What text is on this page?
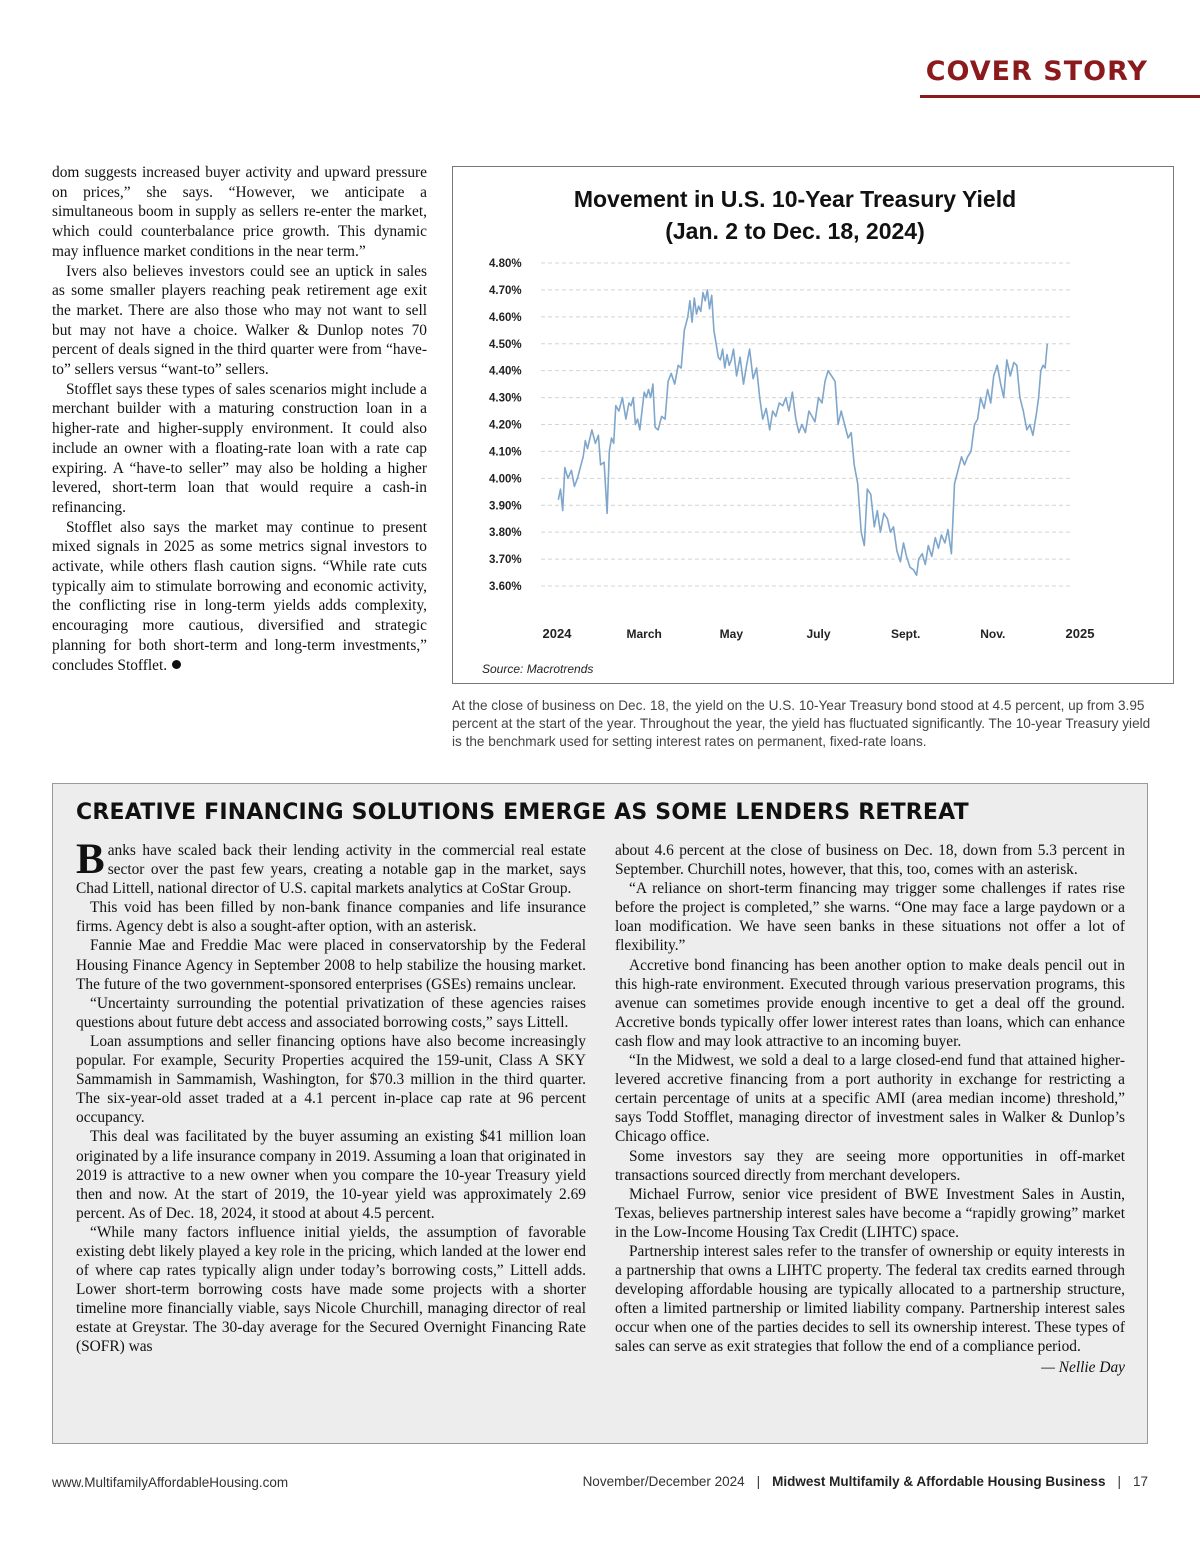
COVER STORY

dom suggests increased buyer activity and upward pressure on prices,” she says. “However, we anticipate a simultaneous boom in supply as sellers re-enter the market, which could counterbalance price growth. This dynamic may influence market conditions in the near term.”

Ivers also believes investors could see an uptick in sales as some smaller players reaching peak retirement age exit the market. There are also those who may not want to sell but may not have a choice. Walker & Dunlop notes 70 percent of deals signed in the third quarter were from “have-to” sellers versus “want-to” sellers.

Stofflet says these types of sales scenarios might include a merchant builder with a maturing construction loan in a higher-rate and higher-supply environment. It could also include an owner with a floating-rate loan with a rate cap expiring. A “have-to seller” may also be holding a higher levered, short-term loan that would require a cash-in refinancing.

Stofflet also says the market may continue to present mixed signals in 2025 as some metrics signal investors to activate, while others flash caution signs. “While rate cuts typically aim to stimulate borrowing and economic activity, the conflicting rise in long-term yields adds complexity, encouraging more cautious, diversified and strategic planning for both short-term and long-term investments,” concludes Stofflet.

Movement in U.S. 10-Year Treasury Yield
(Jan. 2 to Dec. 18, 2024)
4.80%
4.70%
4.60%
4.50%
4.40%
4.30%
4.20%
4.10%
4.00%
3.90%
3.80%
3.70%
3.60%
2024	March	May	July	Sept.	Nov.	2025
Source: Macrotrends
At the close of business on Dec. 18, the yield on the U.S. 10-Year Treasury bond stood at 4.5 percent, up from 3.95 percent at the start of the year. Throughout the year, the yield has fluctuated significantly. The 10-year Treasury yield is the benchmark used for setting interest rates on permanent, fixed-rate loans.
CREATIVE FINANCING SOLUTIONS EMERGE AS SOME LENDERS RETREAT

Banks have scaled back their lending activity in the commercial real estate sector over the past few years, creating a notable gap in the market, says Chad Littell, national director of U.S. capital markets analytics at CoStar Group.

This void has been filled by non-bank finance companies and life insurance firms. Agency debt is also a sought-after option, with an asterisk.

Fannie Mae and Freddie Mac were placed in conservatorship by the Federal Housing Finance Agency in September 2008 to help stabilize the housing market. The future of the two government-sponsored enterprises (GSEs) remains unclear.

“Uncertainty surrounding the potential privatization of these agencies raises questions about future debt access and associated borrowing costs,” says Littell.

Loan assumptions and seller financing options have also become increasingly popular. For example, Security Properties acquired the 159-unit, Class A SKY Sammamish in Sammamish, Washington, for $70.3 million in the third quarter. The six-year-old asset traded at a 4.1 percent in-place cap rate at 96 percent occupancy.

This deal was facilitated by the buyer assuming an existing $41 million loan originated by a life insurance company in 2019. Assuming a loan that originated in 2019 is attractive to a new owner when you compare the 10-year Treasury yield then and now. At the start of 2019, the 10-year yield was approximately 2.69 percent. As of Dec. 18, 2024, it stood at about 4.5 percent.

“While many factors influence initial yields, the assumption of favorable existing debt likely played a key role in the pricing, which landed at the lower end of where cap rates typically align under today’s borrowing costs,” Littell adds. Lower short-term borrowing costs have made some projects with a shorter timeline more financially viable, says Nicole Churchill, managing director of real estate at Greystar. The 30-day average for the Secured Overnight Financing Rate (SOFR) was

about 4.6 percent at the close of business on Dec. 18, down from 5.3 percent in September. Churchill notes, however, that this, too, comes with an asterisk.

“A reliance on short-term financing may trigger some challenges if rates rise before the project is completed,” she warns. “One may face a large paydown or a loan modification. We have seen banks in these situations not offer a lot of flexibility.”

Accretive bond financing has been another option to make deals pencil out in this high-rate environment. Executed through various preservation programs, this avenue can sometimes provide enough incentive to get a deal off the ground. Accretive bonds typically offer lower interest rates than loans, which can enhance cash flow and may look attractive to an incoming buyer.

“In the Midwest, we sold a deal to a large closed-end fund that attained higher-levered accretive financing from a port authority in exchange for restricting a certain percentage of units at a specific AMI (area median income) threshold,” says Todd Stofflet, managing director of investment sales in Walker & Dunlop’s Chicago office.

Some investors say they are seeing more opportunities in off-market transactions sourced directly from merchant developers.

Michael Furrow, senior vice president of BWE Investment Sales in Austin, Texas, believes partnership interest sales have become a “rapidly growing” market in the Low-Income Housing Tax Credit (LIHTC) space.

Partnership interest sales refer to the transfer of ownership or equity interests in a partnership that owns a LIHTC property. The federal tax credits earned through developing affordable housing are typically allocated to a partnership structure, often a limited partnership or limited liability company. Partnership interest sales occur when one of the parties decides to sell its ownership interest. These types of sales can serve as exit strategies that follow the end of a compliance period.

— Nellie Day
www.MultifamilyAffordableHousing.com	November/December 2024 | Midwest Multifamily & Affordable Housing Business | 17
